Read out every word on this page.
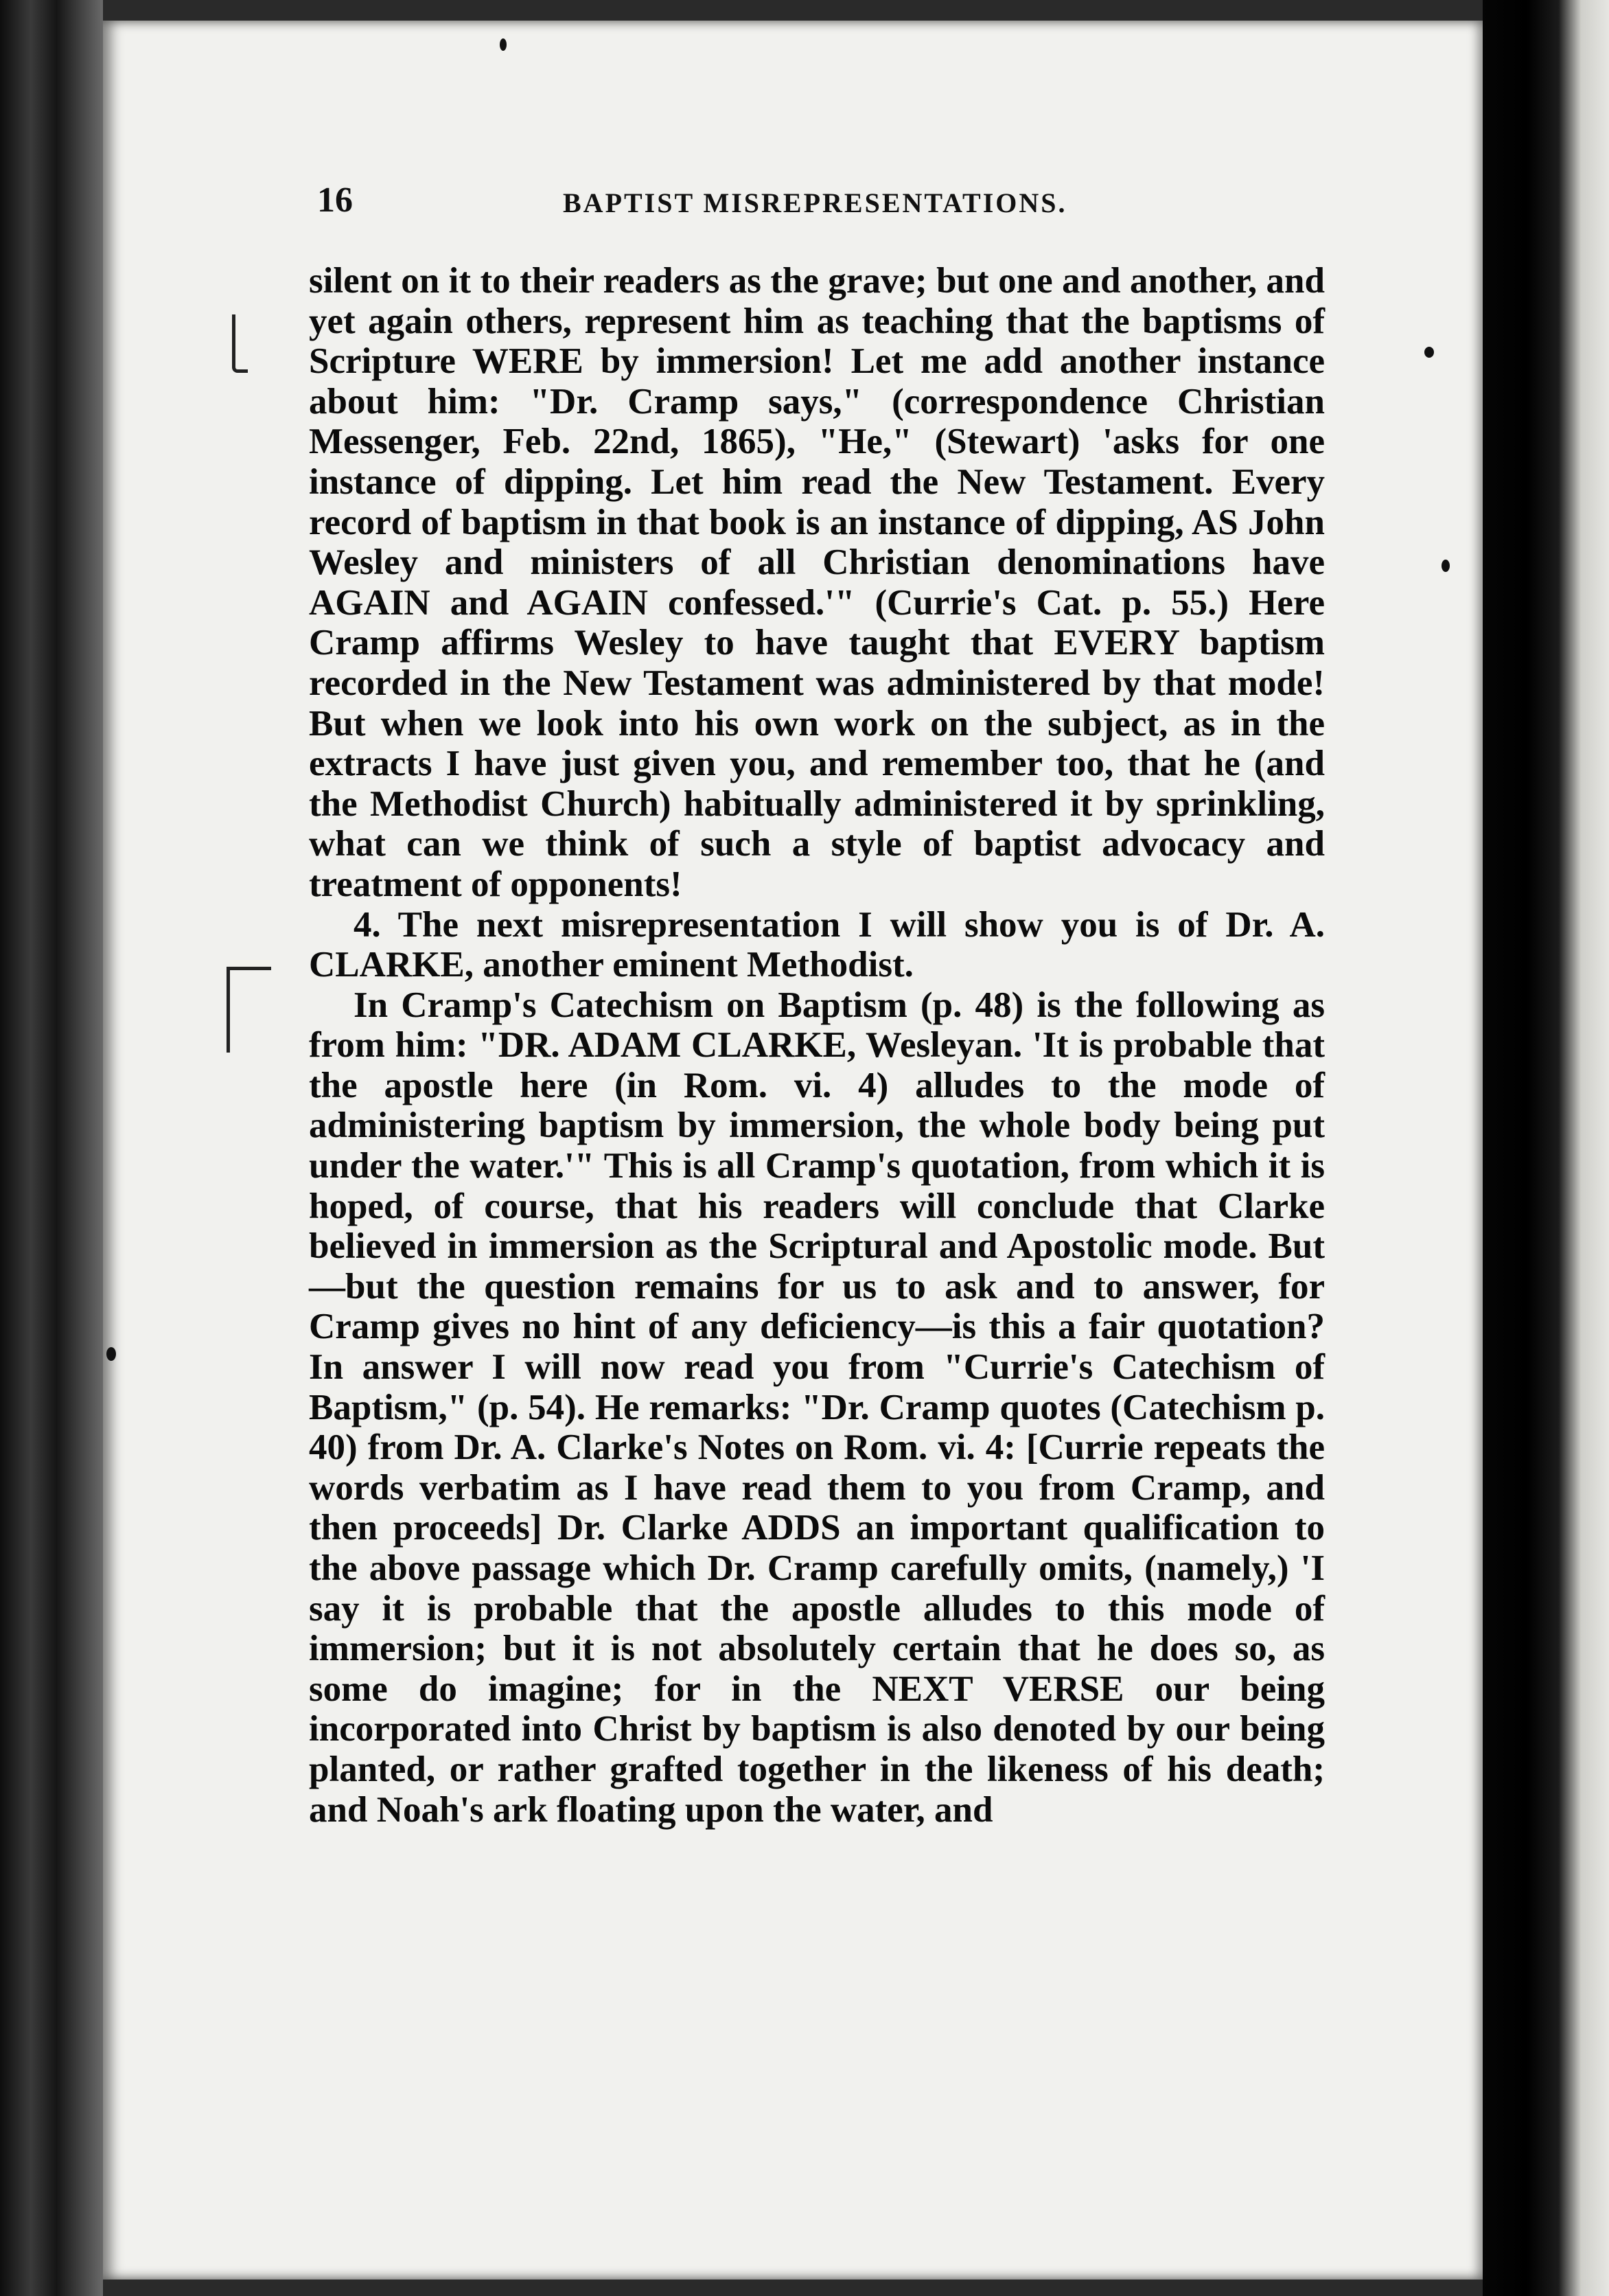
16	BAPTIST MISREPRESENTATIONS.

silent on it to their readers as the grave; but one and another, and yet again others, represent him as teaching that the baptisms of Scripture WERE by immersion! Let me add another instance about him: "Dr. Cramp says," (correspondence Christian Messenger, Feb. 22nd, 1865), "He," (Stewart) 'asks for one instance of dipping. Let him read the New Testament. Every record of baptism in that book is an instance of dipping, AS John Wesley and ministers of all Christian denominations have AGAIN and AGAIN confessed.'" (Currie's Cat. p. 55.) Here Cramp affirms Wesley to have taught that EVERY baptism recorded in the New Testament was administered by that mode! But when we look into his own work on the subject, as in the extracts I have just given you, and remember too, that he (and the Methodist Church) habitually administered it by sprinkling, what can we think of such a style of baptist advocacy and treatment of opponents!

4. The next misrepresentation I will show you is of Dr. A. CLARKE, another eminent Methodist.

In Cramp's Catechism on Baptism (p. 48) is the following as from him: "DR. ADAM CLARKE, Wesleyan. 'It is probable that the apostle here (in Rom. vi. 4) alludes to the mode of administering baptism by immersion, the whole body being put under the water.'" This is all Cramp's quotation, from which it is hoped, of course, that his readers will conclude that Clarke believed in immersion as the Scriptural and Apostolic mode. But—but the question remains for us to ask and to answer, for Cramp gives no hint of any deficiency—is this a fair quotation? In answer I will now read you from "Currie's Catechism of Baptism," (p. 54). He remarks: "Dr. Cramp quotes (Catechism p. 40) from Dr. A. Clarke's Notes on Rom. vi. 4: [Currie repeats the words verbatim as I have read them to you from Cramp, and then proceeds] Dr. Clarke ADDS an important qualification to the above passage which Dr. Cramp carefully omits, (namely,) 'I say it is probable that the apostle alludes to this mode of immersion; but it is not absolutely certain that he does so, as some do imagine; for in the NEXT VERSE our being incorporated into Christ by baptism is also denoted by our being planted, or rather grafted together in the likeness of his death; and Noah's ark floating upon the water, and
